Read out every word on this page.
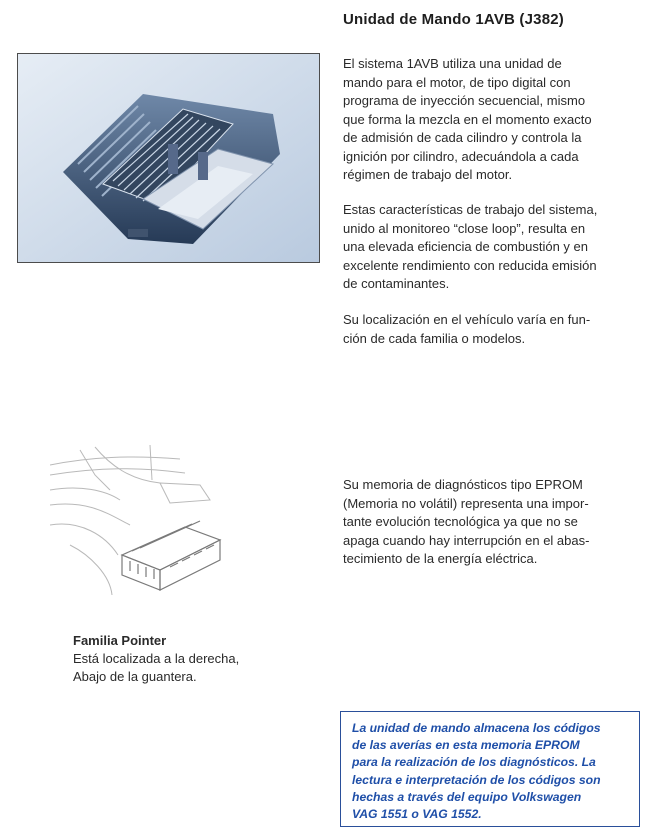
Unidad de Mando 1AVB (J382)
El sistema 1AVB utiliza una unidad de
mando para el motor, de tipo digital con
programa de inyección secuencial, mismo
que forma la mezcla en el momento exacto
de admisión de cada cilindro y controla la
ignición por cilindro, adecuándola a cada
régimen de trabajo del motor.
Estas características de trabajo del sistema,
unido al monitoreo “close loop”, resulta en
una elevada eficiencia de combustión y en
excelente rendimiento con reducida emisión
de contaminantes.
Su localización en el vehículo varía en fun-
ción de cada familia o modelos.
Su memoria de diagnósticos tipo EPROM
(Memoria no volátil) representa una impor-
tante evolución tecnológica ya que no se
apaga cuando hay interrupción en el abas-
tecimiento de la energía eléctrica.
Familia Pointer
Está localizada a la derecha,
Abajo de la guantera.
La unidad de mando almacena los códigos
de las averías en esta memoria EPROM
para la realización de los diagnósticos. La
lectura e interpretación de los códigos son
hechas a través del equipo Volkswagen
VAG 1551 o VAG 1552.
